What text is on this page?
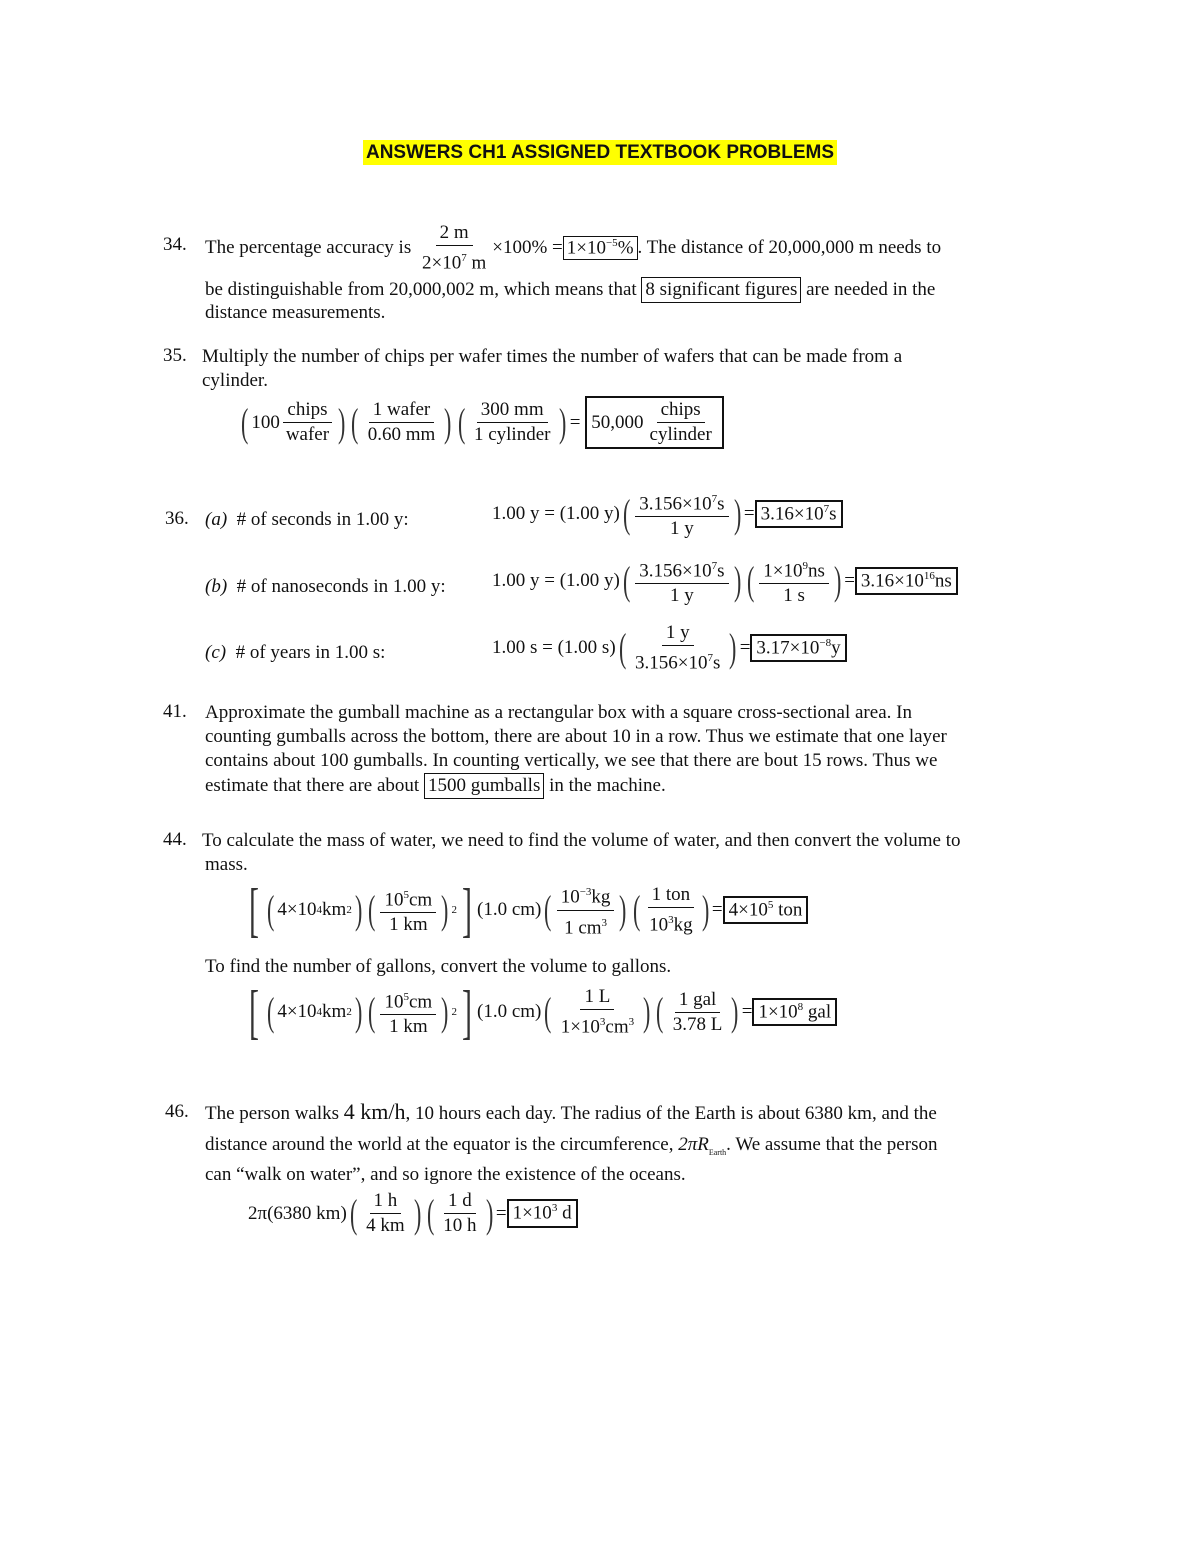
ANSWERS CH1 ASSIGNED TEXTBOOK PROBLEMS
34. The percentage accuracy is
$\frac{2 m}{2\times 10^7 m} \times 100\% = 1\times 10^{-5}\%$ . The distance of 20,000,000 m needs to
be distinguishable from 20,000,002 m, which means that 8 significant figures are needed in the
distance measurements.
35. Multiply the number of chips per wafer times the number of wafers that can be made from a
cylinder.
( $100 \frac{\text{chips}}{\text{wafer}}$ ) ( $\frac{\text{1 wafer}}{0.60 mm}$ ) ( $\frac{300 mm}{\text{1 cylinder}}$ ) =
$50,000 \frac{\text{chips}}{\text{cylinder}}$
36. (a) # of seconds in 1.00 y:	1.00 y = (1.00 y) ( $\frac{3.156\times 10^7s}{1 y}$ ) = $3.16\times 10^7s$
(b) # of nanoseconds in 1.00 y: 1.00 y = (1.00 y) ( $\frac{3.156\times 10^7s}{1 y}$ ) ( $\frac{1\times 10^9ns}{1 s}$ ) = $3.16\times 10^{16}ns$
(c) # of years in 1.00 s:	1.00 s = (1.00 s) ( $\frac{1 y}{3.156\times 10^7s}$ ) = $3.17\times 10^{-8}y$
41. Approximate the gumball machine as a rectangular box with a square cross-sectional area. In
counting gumballs across the bottom, there are about 10 in a row. Thus we estimate that one layer
contains about 100 gumballs. In counting vertically, we see that there are bout 15 rows. Thus we
estimate that there are about 1500 gumballs in the machine.
44. To calculate the mass of water, we need to find the volume of water, and then convert the volume to
mass.
[ ( 4×10 4 km 2 ) ( $\frac{10^5cm}{1 km}$ ) 2 ] (1.0 cm) ( $\frac{10^{-3}kg}{1 cm^3}$ ) ( $\frac{\text{1 ton}}{10^3kg}$ ) = $4\times 10^5$ ton
To find the number of gallons, convert the volume to gallons.
[ ( 4×10 4 km 2 ) ( $\frac{10^5cm}{1 km}$ ) 2 ] (1.0 cm) ( $\frac{1 L}{1\times 10^3cm^3}$ ) ( $\frac{\text{1 gal}}{3.78 L}$ ) = $1\times 10^8$ gal
46. The person walks 4 km/h, 10 hours each day. The radius of the Earth is about 6380 km, and the
distance around the world at the equator is the circumference, $2\pi R_{Earth}$. We assume that the person
can “walk on water”, and so ignore the existence of the oceans.
2π(6380 km) ( $\frac{1 h}{4 km}$ ) ( $\frac{1 d}{10 h}$ ) = $1\times 10^3$ d
